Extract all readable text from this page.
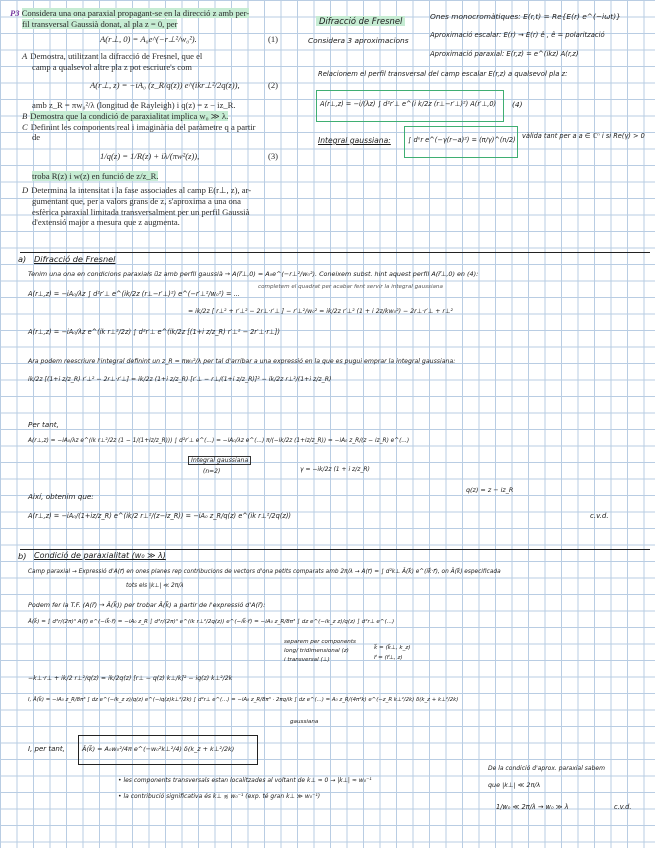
P3 Considera una ona paraxial propagant-se en la direcció z amb per-
fil transversal Gaussià donat, al pla z = 0, per
A(r⊥, 0) = A₀e^(−r⊥²/w₀²).	(1)
A Demostra, utilitzant la difracció de Fresnel, que el
camp a qualsevol altre pla z pot escriure's com
A(r⊥, z) = −iA₀ (z_R/q(z)) e^(ikr⊥²/2q(z)),	(2)
amb z_R = πw₀²/λ (longitud de Rayleigh) i q(z) = z − iz_R.
B Demostra que la condició de paraxialitat implica w₀ ≫ λ.
C Definint les components real i imaginària del paràmetre q a partir
de
1/q(z) = 1/R(z) + iλ/(πw²(z)),	(3)
troba R(z) i w(z) en funció de z/z_R.
D Determina la intensitat i la fase associades al camp E(r⊥, z), ar-
gumentant que, per a valors grans de z, s'aproxima a una ona
esfèrica paraxial limitada transversalment per un perfil Gaussià
d'extensió major a mesura que z augmenta.
Difracció de Fresnel	Ones monocromàtiques: E(r,t) = Re{E(r) e^(−iωt)}
Considera 3 aproximacions
Aproximació escalar: E(r) → E(r) ê , ê = polarització
Aproximació paraxial: E(r,z) = e^(ikz) A(r,z)
Relacionem el perfil transversal del camp escalar E(r,z) a qualsevol pla z:
A(r⊥,z) = −i/(λz) ∫ d²r′⊥ e^(i k/2z (r⊥−r′⊥)²) A(r′⊥,0) (4)
Integral gaussiana:	∫ dⁿr e^(−γ(r−a)²) = (π/γ)^(n/2) vàlida tant per a a ∈ ℂⁿ i si Re(γ) > 0
a) Difracció de Fresnel
Tenim una ona en condicions paraxials u⃗z amb perfil gaussià → A(r⃗⊥,0) = A₀e^(−r⊥²/w₀²). Coneixem subst. hint aquest perfil A(r⃗⊥,0) en (4):
A(r⊥,z) = −iA₀/λz ∫ d²r′⊥ e^(ik/2z (r⊥−r′⊥)²) e^(−r′⊥²/w₀²) = ...
completem el quadrat per acabar fent servir la integral gaussiana
= ik/2z [ r⊥² + r′⊥² − 2r⊥·r′⊥ ] − r′⊥²/w₀² = ik/2z r′⊥² (1 + i 2z/kw₀²) − 2r⊥·r′⊥ + r⊥²
A(r⊥,z) = −iA₀/λz e^(ik r⊥²/2z) ∫ d²r′⊥ e^(ik/2z [(1+i z/z_R) r′⊥² − 2r′⊥·r⊥])
Ara podem reescriure l'integral definint un z_R = πw₀²/λ per tal d'arribar a una expressió en la que es pugui emprar la integral gaussiana:
ik/2z [(1+i z/z_R) r′⊥² − 2r⊥·r′⊥] = ik/2z (1+i z/z_R) [r′⊥ − r⊥/(1+i z/z_R)]² − ik/2z r⊥²/(1+i z/z_R)
Per tant,
A(r⊥,z) = −iA₀/λz e^(ik r⊥²/2z (1 − 1/(1+iz/z_R))) ∫ d²r′⊥ e^(...) = −iA₀/λz e^(...) π/(−ik/2z (1+iz/z_R)) = −iA₀ z_R/(z − iz_R) e^(...)
Integral gaussiana
(n=2)	γ = −ik/2z (1 + i z/z_R)
Així, obtenim que:
q(z) = z − iz_R
A(r⊥,z) = −iA₀/(1+iz/z_R) e^(ik/2 r⊥²/(z−iz_R)) = −iA₀ z_R/q(z) e^(ik r⊥²/2q(z))	c.v.d.
b) Condició de paraxialitat (w₀ ≫ λ)
Camp paraxial → Expressió d'A(r⃗) en ones planes rep contribucions de vectors d'ona petits comparats amb 2π/λ → A(r⃗) = ∫ d²k⊥ Â(k⃗) e^(ik⃗·r⃗), on Â(k⃗) especificada
tots els |k⊥| ≪ 2π/λ
Podem fer la T.F. (A(r⃗) → Â(k⃗)) per trobar Â(k⃗) a partir de l'expressió d'A(r⃗):
Â(k⃗) = ∫ d³r/(2π)³ A(r⃗) e^(−ik⃗·r⃗) = −iA₀ z_R ∫ d³r/(2π)³ e^(ik r⊥²/2q(z)) e^(−ik⃗·r⃗) = −iA₀ z_R/8π³ ∫ dz e^(−ik_z z)/q(z) ∫ d²r⊥ e^(...)
separem per components
long/ tridimensional (z)
i transversal (⊥)
k⃗ = (k⃗⊥, k_z)
r⃗ = (r⃗⊥, z)
−k⊥·r⊥ + ik/2 r⊥²/q(z) = ik/2q(z) [r⊥ − q(z) k⊥/k]² − iq(z) k⊥²/2k
I, Â(k⃗) = −iA₀ z_R/8π³ ∫ dz e^(−ik_z z)/q(z) e^(−iq(z)k⊥²/2k) ∫ d²r⊥ e^(...) = −iA₀ z_R/8π³ · 2πq/ik ∫ dz e^(...) = A₀ z_R/(4π²k) e^(−z_R k⊥²/2k) δ(k_z + k⊥²/2k)
gaussiana
I, per tant,	Â(k⃗) = A₀w₀²/4π e^(−w₀²k⊥²/4) δ(k_z + k⊥²/2k)
• les components transversals estan localitzades al voltant de k⊥ ≈ 0 → |k⊥| ≈ w₀⁻¹
• la contribució significativa és k⊥ ≲ w₀⁻¹ (exp. té gran k⊥ ≫ w₀⁻¹)
De la condició d'aprox. paraxial sabem
que |k⊥| ≪ 2π/λ
1/w₀ ≪ 2π/λ → w₀ ≫ λ	c.v.d.
